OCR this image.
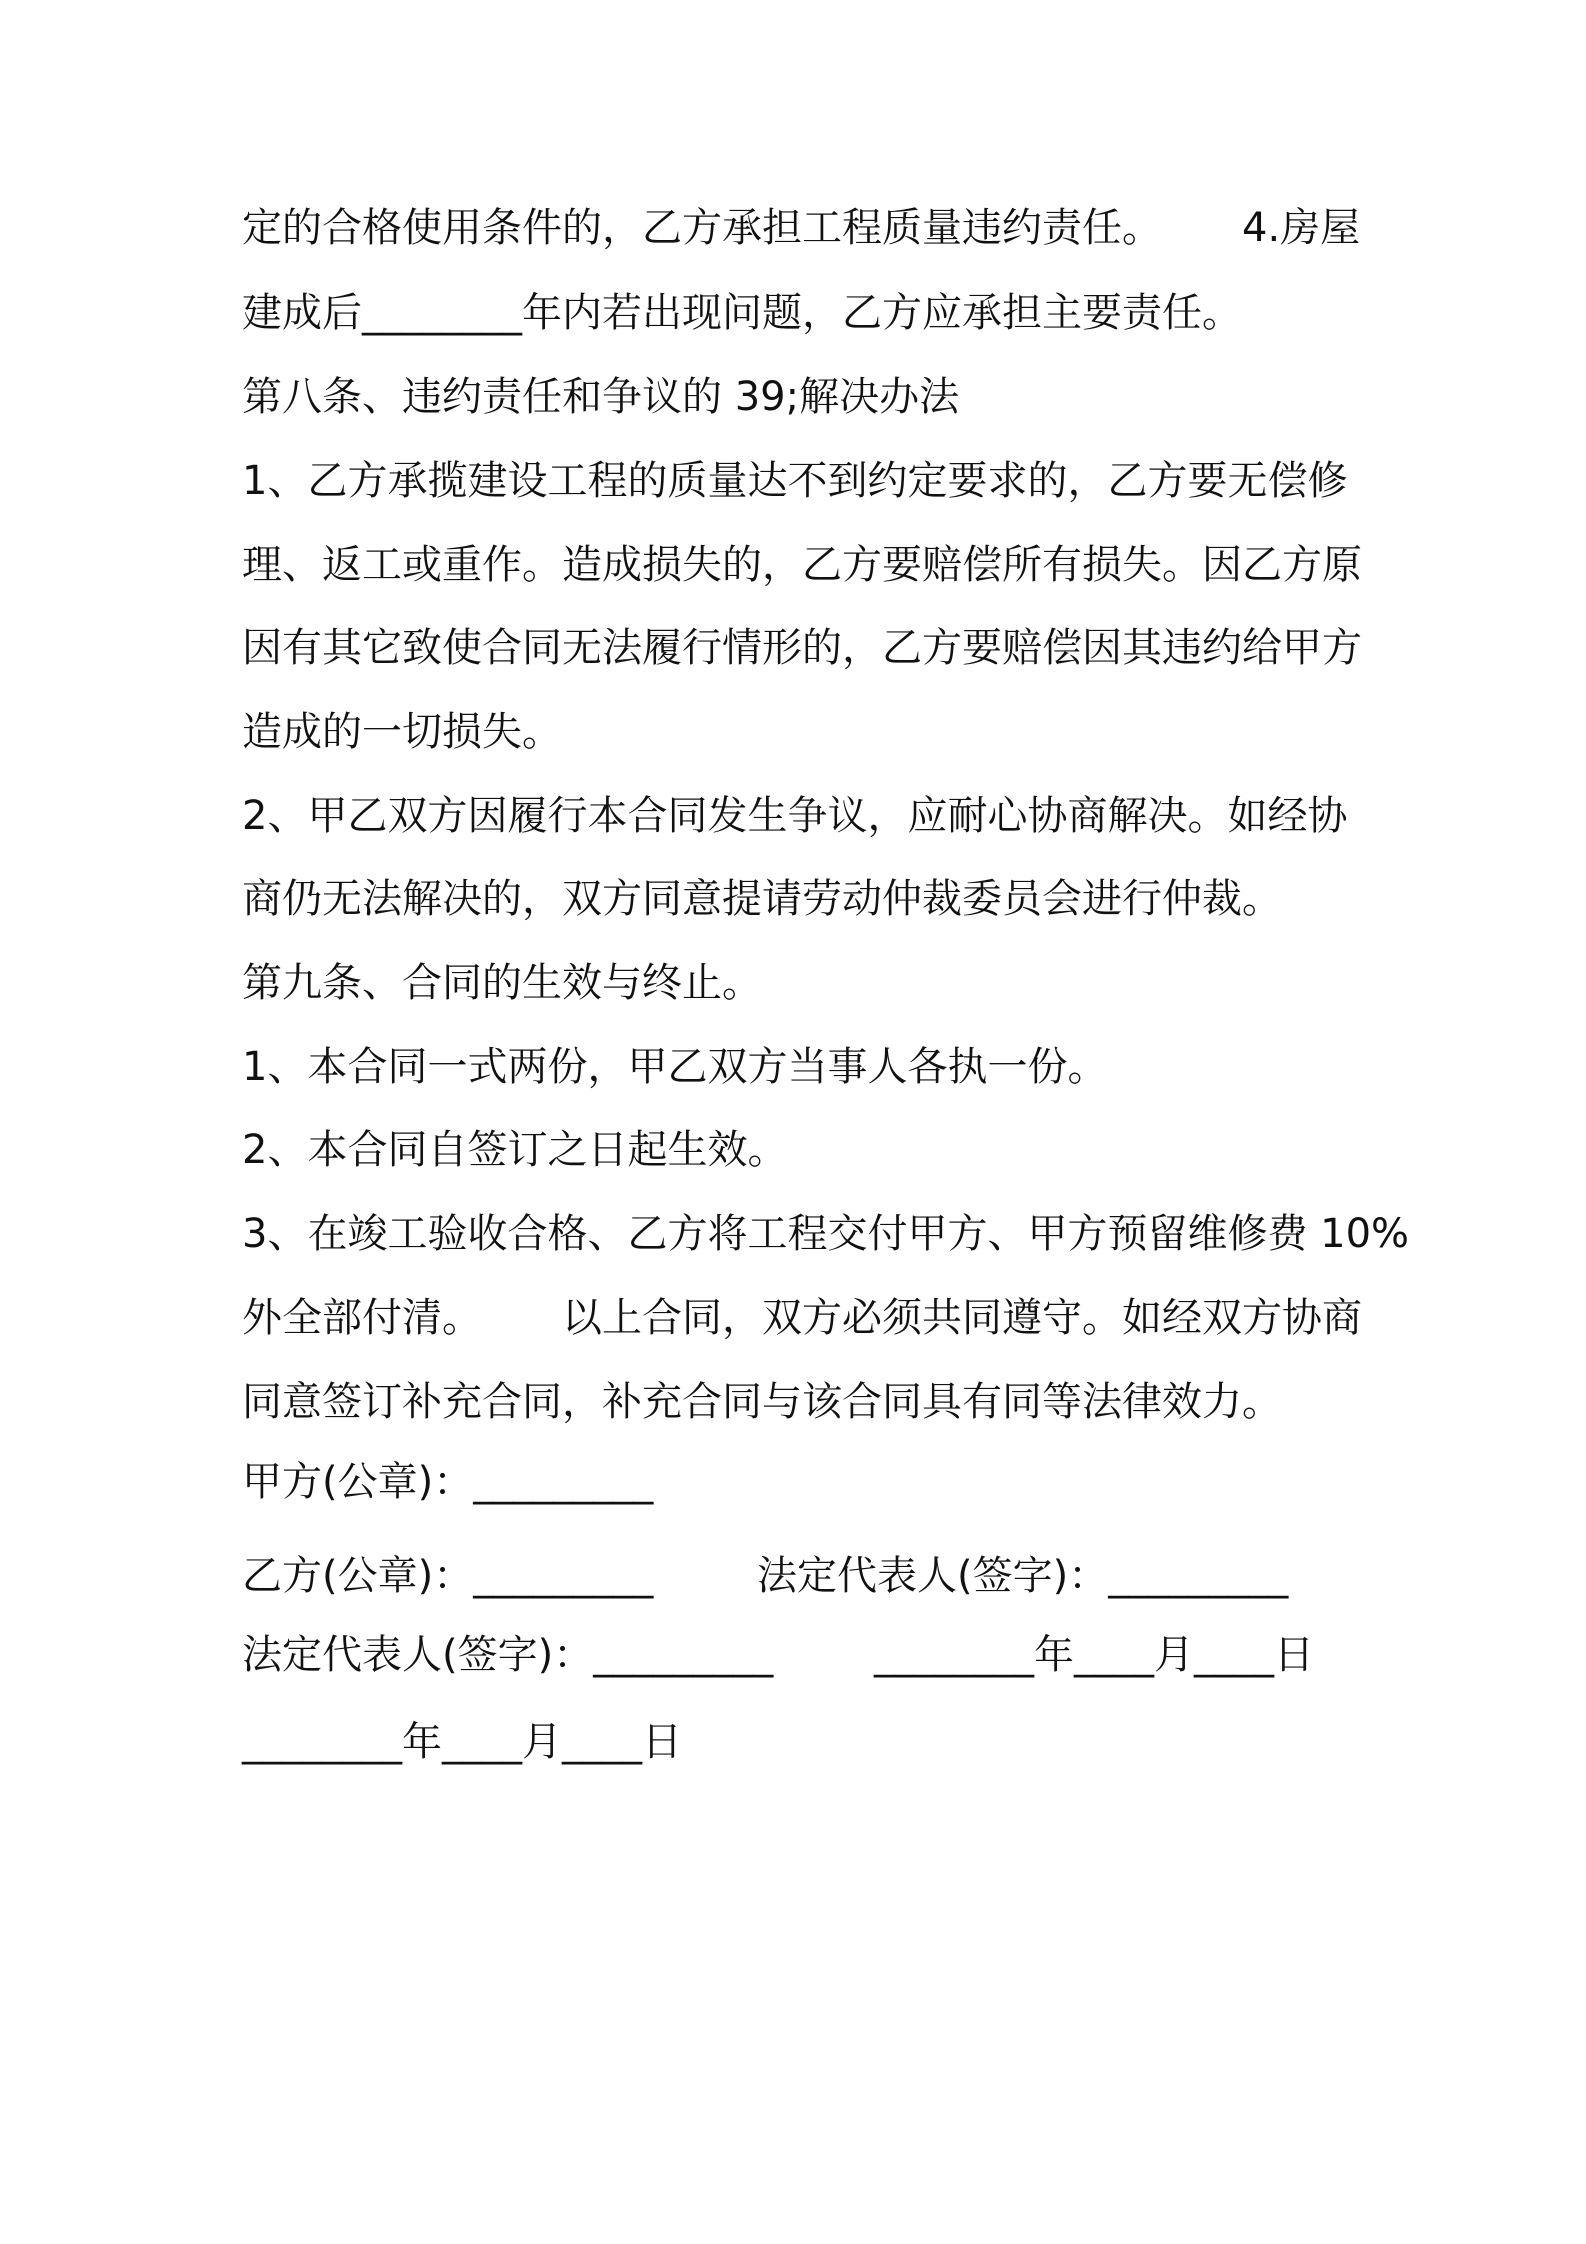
定的合格使用条件的，乙方承担工程质量违约责任。

4.房屋

建成后________年内若出现问题，乙方应承担主要责任。
第八条、违约责任和争议的 39;解决办法
1、乙方承揽建设工程的质量达不到约定要求的，乙方要无偿修
理、返工或重作。造成损失的，乙方要赔偿所有损失。因乙方原
因有其它致使合同无法履行情形的，乙方要赔偿因其违约给甲方
造成的一切损失。
2、甲乙双方因履行本合同发生争议，应耐心协商解决。如经协
商仍无法解决的，双方同意提请劳动仲裁委员会进行仲裁。
第九条、合同的生效与终止。
1、本合同一式两份，甲乙双方当事人各执一份。
2、本合同自签订之日起生效。
3、在竣工验收合格、乙方将工程交付甲方、甲方预留维修费 10%

外全部付清。

以上合同，双方必须共同遵守。如经双方协商

同意签订补充合同，补充合同与该合同具有同等法律效力。
甲方(公章)：_________

乙方(公章)：_________

	法定代表人(签字)：_________

法定代表人(签字)：_________

	________年____月____日

________年____月____日
